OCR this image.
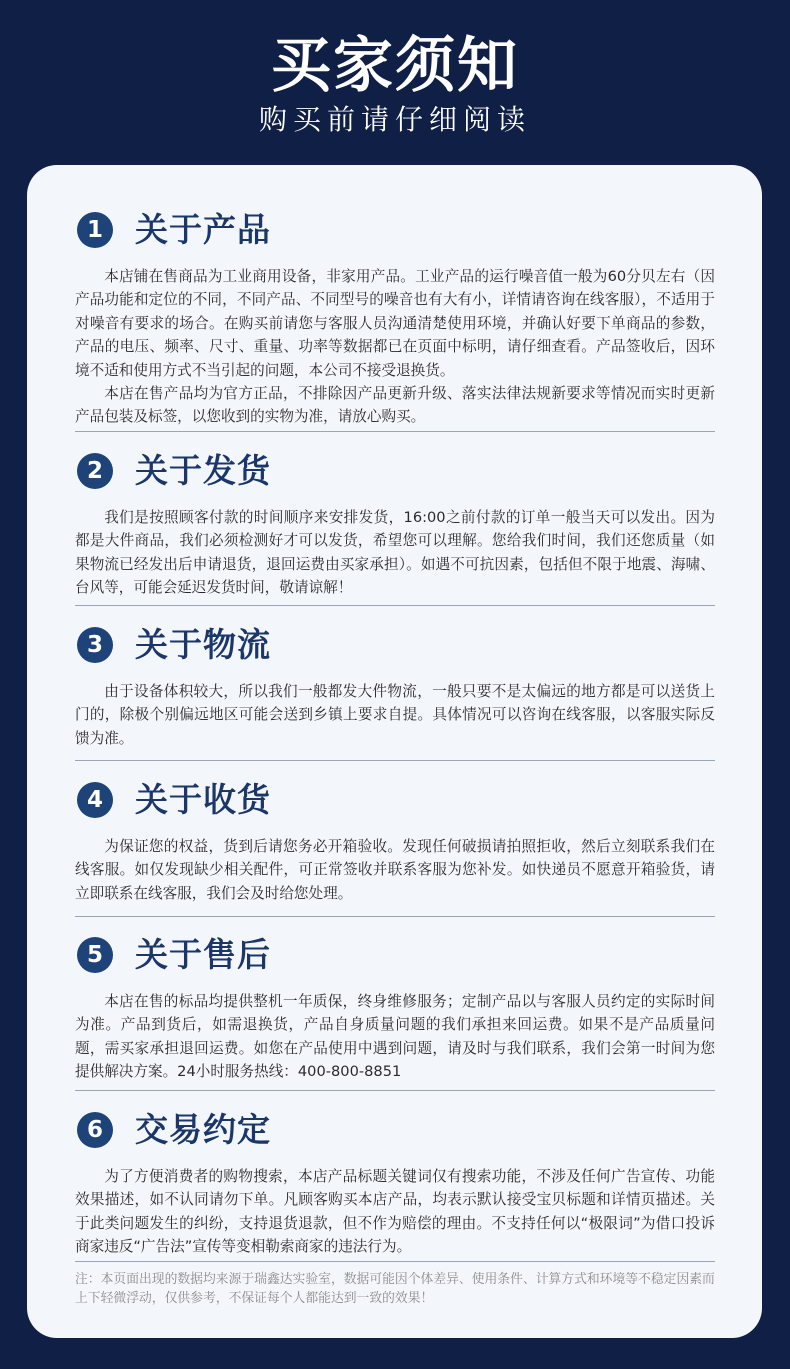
买家须知
购买前请仔细阅读
1 关于产品

本店铺在售商品为工业商用设备，非家用产品。工业产品的运行噪音值一般为60分贝左右（因产品功能和定位的不同，不同产品、不同型号的噪音也有大有小，详情请咨询在线客服），不适用于对噪音有要求的场合。在购买前请您与客服人员沟通清楚使用环境，并确认好要下单商品的参数，产品的电压、频率、尺寸、重量、功率等数据都已在页面中标明，请仔细查看。产品签收后，因环境不适和使用方式不当引起的问题，本公司不接受退换货。

本店在售产品均为官方正品，不排除因产品更新升级、落实法律法规新要求等情况而实时更新产品包装及标签，以您收到的实物为准，请放心购买。

2 关于发货

我们是按照顾客付款的时间顺序来安排发货，16:00之前付款的订单一般当天可以发出。因为都是大件商品，我们必须检测好才可以发货，希望您可以理解。您给我们时间，我们还您质量（如果物流已经发出后申请退货，退回运费由买家承担）。如遇不可抗因素，包括但不限于地震、海啸、台风等，可能会延迟发货时间，敬请谅解！

3 关于物流

由于设备体积较大，所以我们一般都发大件物流，一般只要不是太偏远的地方都是可以送货上门的，除极个别偏远地区可能会送到乡镇上要求自提。具体情况可以咨询在线客服，以客服实际反馈为准。

4 关于收货

为保证您的权益，货到后请您务必开箱验收。发现任何破损请拍照拒收，然后立刻联系我们在线客服。如仅发现缺少相关配件，可正常签收并联系客服为您补发。如快递员不愿意开箱验货，请立即联系在线客服，我们会及时给您处理。

5 关于售后

本店在售的标品均提供整机一年质保，终身维修服务；定制产品以与客服人员约定的实际时间为准。产品到货后，如需退换货，产品自身质量问题的我们承担来回运费。如果不是产品质量问题，需买家承担退回运费。如您在产品使用中遇到问题，请及时与我们联系，我们会第一时间为您提供解决方案。24小时服务热线：400-800-8851

6 交易约定

为了方便消费者的购物搜索，本店产品标题关键词仅有搜索功能，不涉及任何广告宣传、功能效果描述，如不认同请勿下单。凡顾客购买本店产品，均表示默认接受宝贝标题和详情页描述。关于此类问题发生的纠纷，支持退货退款，但不作为赔偿的理由。不支持任何以“极限词”为借口投诉商家违反“广告法”宣传等变相勒索商家的违法行为。

注：本页面出现的数据均来源于瑞鑫达实验室，数据可能因个体差异、使用条件、计算方式和环境等不稳定因素而上下轻微浮动，仅供参考，不保证每个人都能达到一致的效果！
